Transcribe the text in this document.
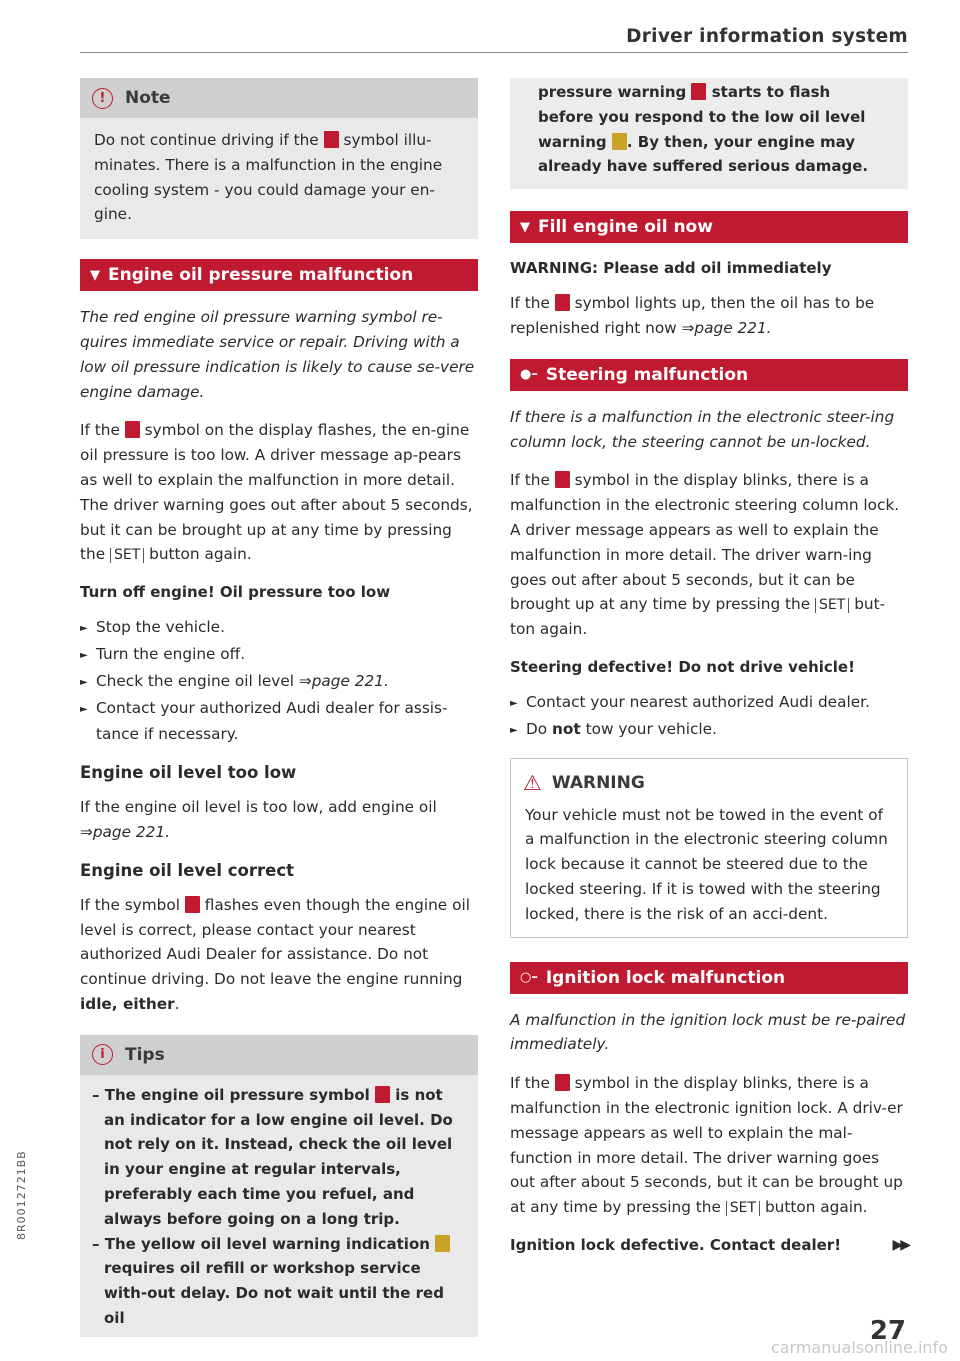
Driver information system
!	Note
Do not continue driving if the symbol illu-minates. There is a malfunction in the engine cooling system - you could damage your en-gine.
▼ Engine oil pressure malfunction

The red engine oil pressure warning symbol re-quires immediate service or repair. Driving with a low oil pressure indication is likely to cause se-vere engine damage.

If the symbol on the display flashes, the en-gine oil pressure is too low. A driver message ap-pears as well to explain the malfunction in more detail. The driver warning goes out after about 5 seconds, but it can be brought up at any time by pressing the SET button again.

Turn off engine! Oil pressure too low
► Stop the vehicle.
► Turn the engine off.
► Check the engine oil level ⇒page 221.
► Contact your authorized Audi dealer for assis-tance if necessary.
Engine oil level too low

If the engine oil level is too low, add engine oil
⇒page 221.

Engine oil level correct

If the symbol flashes even though the engine oil level is correct, please contact your nearest authorized Audi Dealer for assistance. Do not continue driving. Do not leave the engine running idle, either.

i	Tips
– The engine oil pressure symbol is not an indicator for a low engine oil level. Do not rely on it. Instead, check the oil level in your engine at regular intervals, preferably each time you refuel, and always before going on a long trip.
– The yellow oil level warning indication  requires oil refill or workshop service with-out delay. Do not wait until the red oil
pressure warning starts to flash before you respond to the low oil level warning . By then, your engine may already have suffered serious damage.
▼ Fill engine oil now
WARNING: Please add oil immediately

If the symbol lights up, then the oil has to be replenished right now ⇒page 221.

●– Steering malfunction

If there is a malfunction in the electronic steer-ing column lock, the steering cannot be un-locked.

If the symbol in the display blinks, there is a malfunction in the electronic steering column lock. A driver message appears as well to explain the malfunction in more detail. The driver warn-ing goes out after about 5 seconds, but it can be brought up at any time by pressing the SET but-ton again.

Steering defective! Do not drive vehicle!
► Contact your nearest authorized Audi dealer.
► Do not tow your vehicle.
⚠ WARNING
Your vehicle must not be towed in the event of a malfunction in the electronic steering column lock because it cannot be steered due to the locked steering. If it is towed with the steering locked, there is the risk of an acci-dent.
○– Ignition lock malfunction

A malfunction in the ignition lock must be re-paired immediately.

If the symbol in the display blinks, there is a malfunction in the electronic ignition lock. A driv-er message appears as well to explain the mal-function in more detail. The driver warning goes out after about 5 seconds, but it can be brought up at any time by pressing the SET button again.

Ignition lock defective. Contact dealer!	▶▶
8R0012721BB
27
carmanualsonline.info
